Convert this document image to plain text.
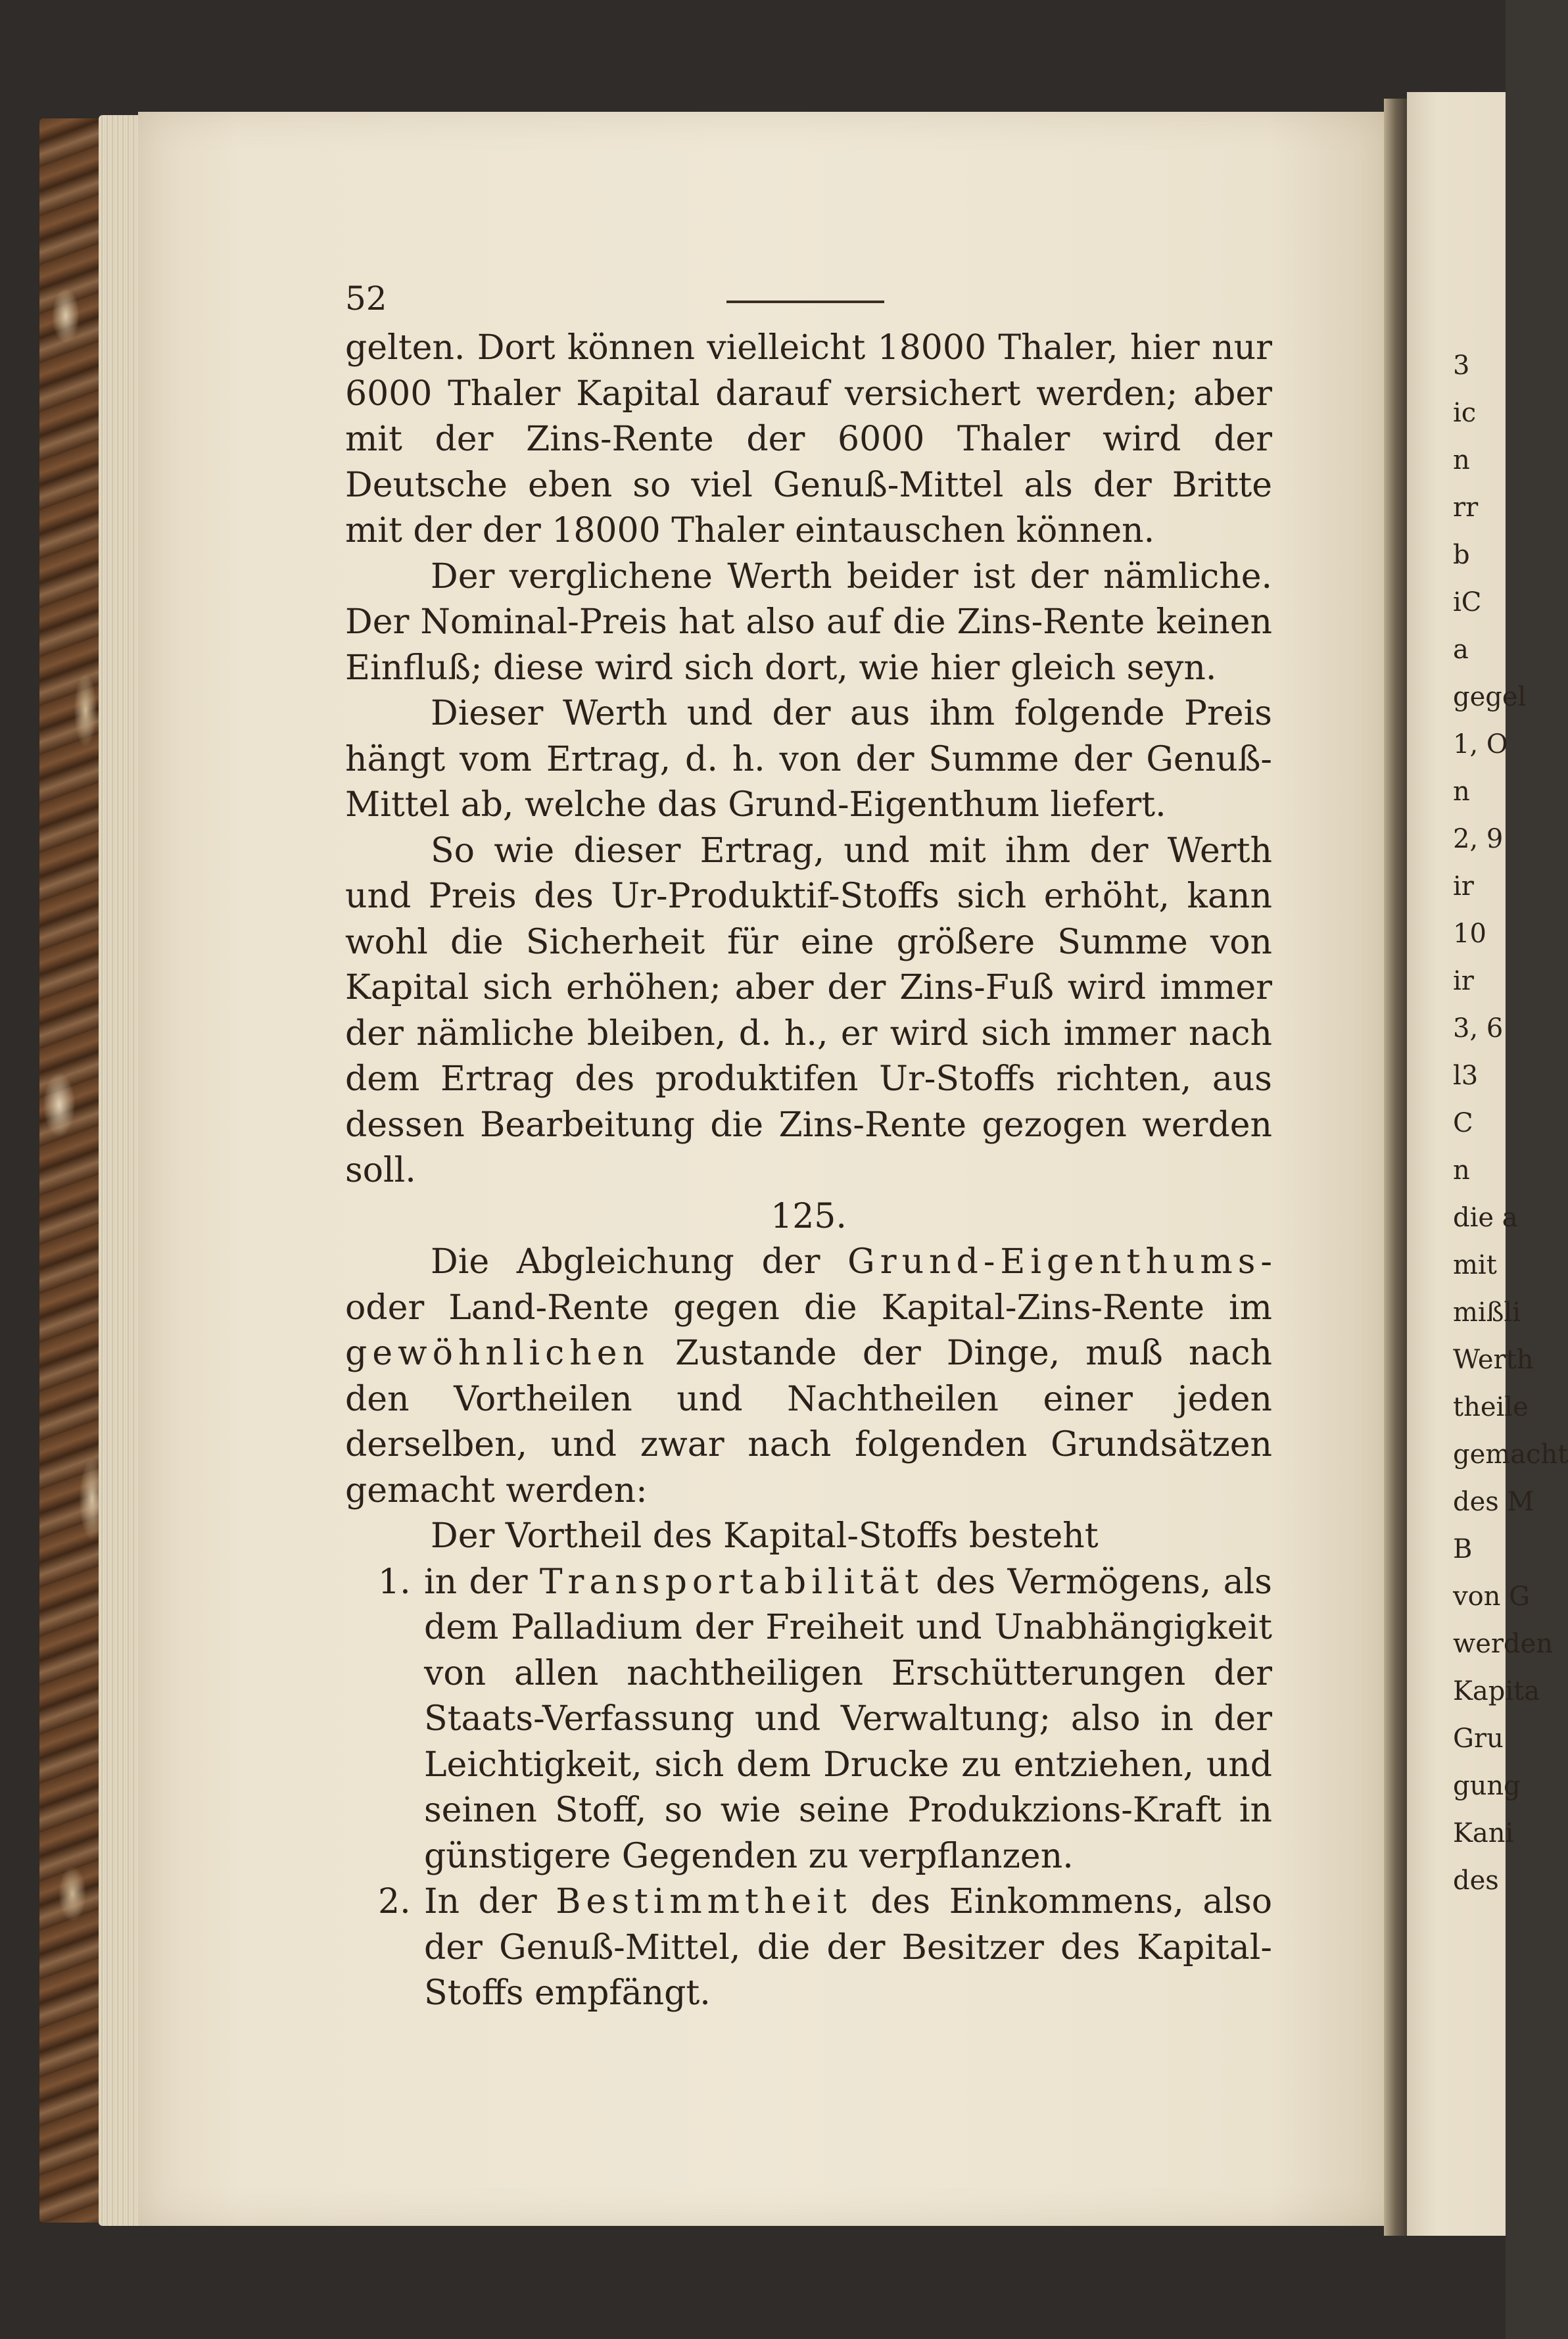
3
ic
n
rr
b
iC
a
gegel
1, O
n
2, 9
ir
10
ir
3, 6
l3
C
n
die a
mit
mißli
Werth
theile
gemacht
des M
B
von G
werden
Kapita
Gru
gung
Kani
des
52

gelten. Dort können vielleicht 18000 Thaler, hier nur 6000 Thaler Kapital darauf versichert werden; aber mit der Zins-Rente der 6000 Thaler wird der Deutsche eben so viel Genuß-Mittel als der Britte mit der der 18000 Thaler eintauschen können.

Der verglichene Werth beider ist der nämliche. Der Nominal-Preis hat also auf die Zins-Rente keinen Einfluß; diese wird sich dort, wie hier gleich seyn.

Dieser Werth und der aus ihm folgende Preis hängt vom Ertrag, d. h. von der Summe der Genuß-Mittel ab, welche das Grund-Eigenthum liefert.

So wie dieser Ertrag, und mit ihm der Werth und Preis des Ur-Produktif-Stoffs sich erhöht, kann wohl die Sicherheit für eine größere Summe von Kapital sich erhöhen; aber der Zins-Fuß wird immer der nämliche bleiben, d. h., er wird sich immer nach dem Ertrag des produktifen Ur-Stoffs richten, aus dessen Bearbeitung die Zins-Rente gezogen werden soll.

125.

Die Abgleichung der Grund-Eigenthums- oder Land-Rente gegen die Kapital-Zins-Rente im gewöhnlichen Zustande der Dinge, muß nach den Vortheilen und Nachtheilen einer jeden derselben, und zwar nach folgenden Grundsätzen gemacht werden:

Der Vortheil des Kapital-Stoffs besteht

1. in der Transportabilität des Vermögens, als dem Palladium der Freiheit und Unabhängigkeit von allen nachtheiligen Erschütterungen der Staats-Verfassung und Verwaltung; also in der Leichtigkeit, sich dem Drucke zu entziehen, und seinen Stoff, so wie seine Produkzions-Kraft in günstigere Gegenden zu verpflanzen.

2. In der Bestimmtheit des Einkommens, also der Genuß-Mittel, die der Besitzer des Kapital-Stoffs empfängt.
